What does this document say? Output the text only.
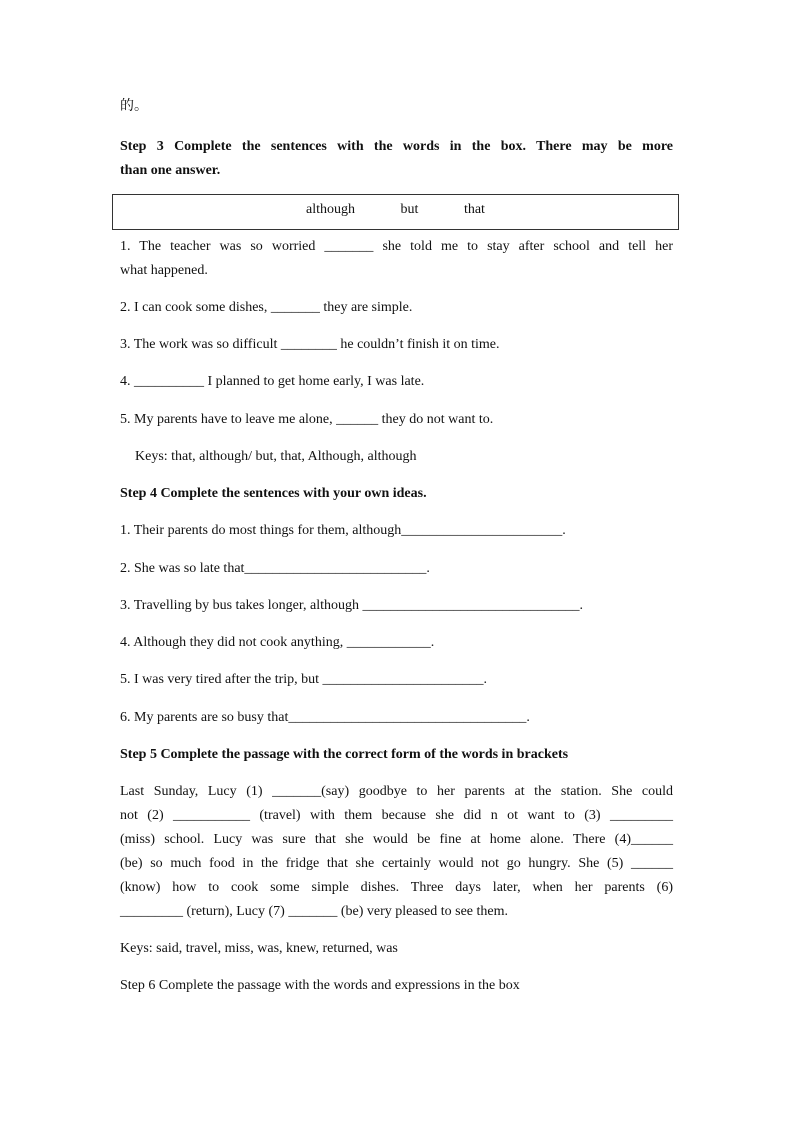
的。
Step 3 Complete the sentences with the words in the box. There may be more
than one answer.
although	but	that
1. The teacher was so worried _______ she told me to stay after school and tell her
what happened.
2. I can cook some dishes, _______ they are simple.
3. The work was so difficult ________ he couldn’t finish it on time.
4. __________ I planned to get home early, I was late.
5. My parents have to leave me alone, ______ they do not want to.
Keys: that, although/ but, that, Although, although
Step 4 Complete the sentences with your own ideas.
1. Their parents do most things for them, although_______________________.
2. She was so late that__________________________.
3. Travelling by bus takes longer, although _______________________________.
4. Although they did not cook anything, ____________.
5. I was very tired after the trip, but _______________________.
6. My parents are so busy that__________________________________.
Step 5 Complete the passage with the correct form of the words in brackets
Last Sunday, Lucy (1) _______(say) goodbye to her parents at the station. She could
not (2) ___________ (travel) with them because she did n ot want to (3) _________
(miss) school. Lucy was sure that she would be fine at home alone. There (4)______
(be) so much food in the fridge that she certainly would not go hungry. She (5) ______
(know) how to cook some simple dishes. Three days later, when her parents (6)
_________ (return), Lucy (7) _______ (be) very pleased to see them.
Keys: said, travel, miss, was, knew, returned, was
Step 6 Complete the passage with the words and expressions in the box
